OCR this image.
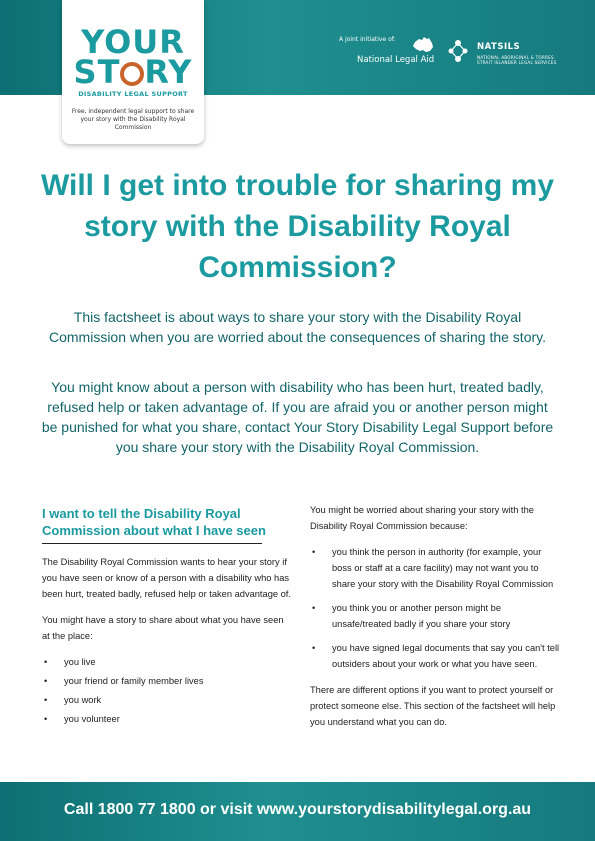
YOUR
ST RY
DISABILITY LEGAL SUPPORT
Free, independent legal support to share your story with the Disability Royal Commission
A joint initiative of:
National Legal Aid
NATSILS
NATIONAL ABORIGINAL & TORRES STRAIT ISLANDER LEGAL SERVICES
Will I get into trouble for sharing my story with the Disability Royal Commission?

This factsheet is about ways to share your story with the Disability Royal Commission when you are worried about the consequences of sharing the story.

You might know about a person with disability who has been hurt, treated badly, refused help or taken advantage of. If you are afraid you or another person might be punished for what you share, contact Your Story Disability Legal Support before you share your story with the Disability Royal Commission.

I want to tell the Disability Royal Commission about what I have seen

The Disability Royal Commission wants to hear your story if you have seen or know of a person with a disability who has been hurt, treated badly, refused help or taken advantage of.

You might have a story to share about what you have seen at the place:

• you live
• your friend or family member lives
• you work
• you volunteer

You might be worried about sharing your story with the Disability Royal Commission because:

• you think the person in authority (for example, your boss or staff at a care facility) may not want you to share your story with the Disability Royal Commission
• you think you or another person might be unsafe/treated badly if you share your story
• you have signed legal documents that say you can't tell outsiders about your work or what you have seen.

There are different options if you want to protect yourself or protect someone else. This section of the factsheet will help you understand what you can do.

Call 1800 77 1800 or visit www.yourstorydisabilitylegal.org.au
